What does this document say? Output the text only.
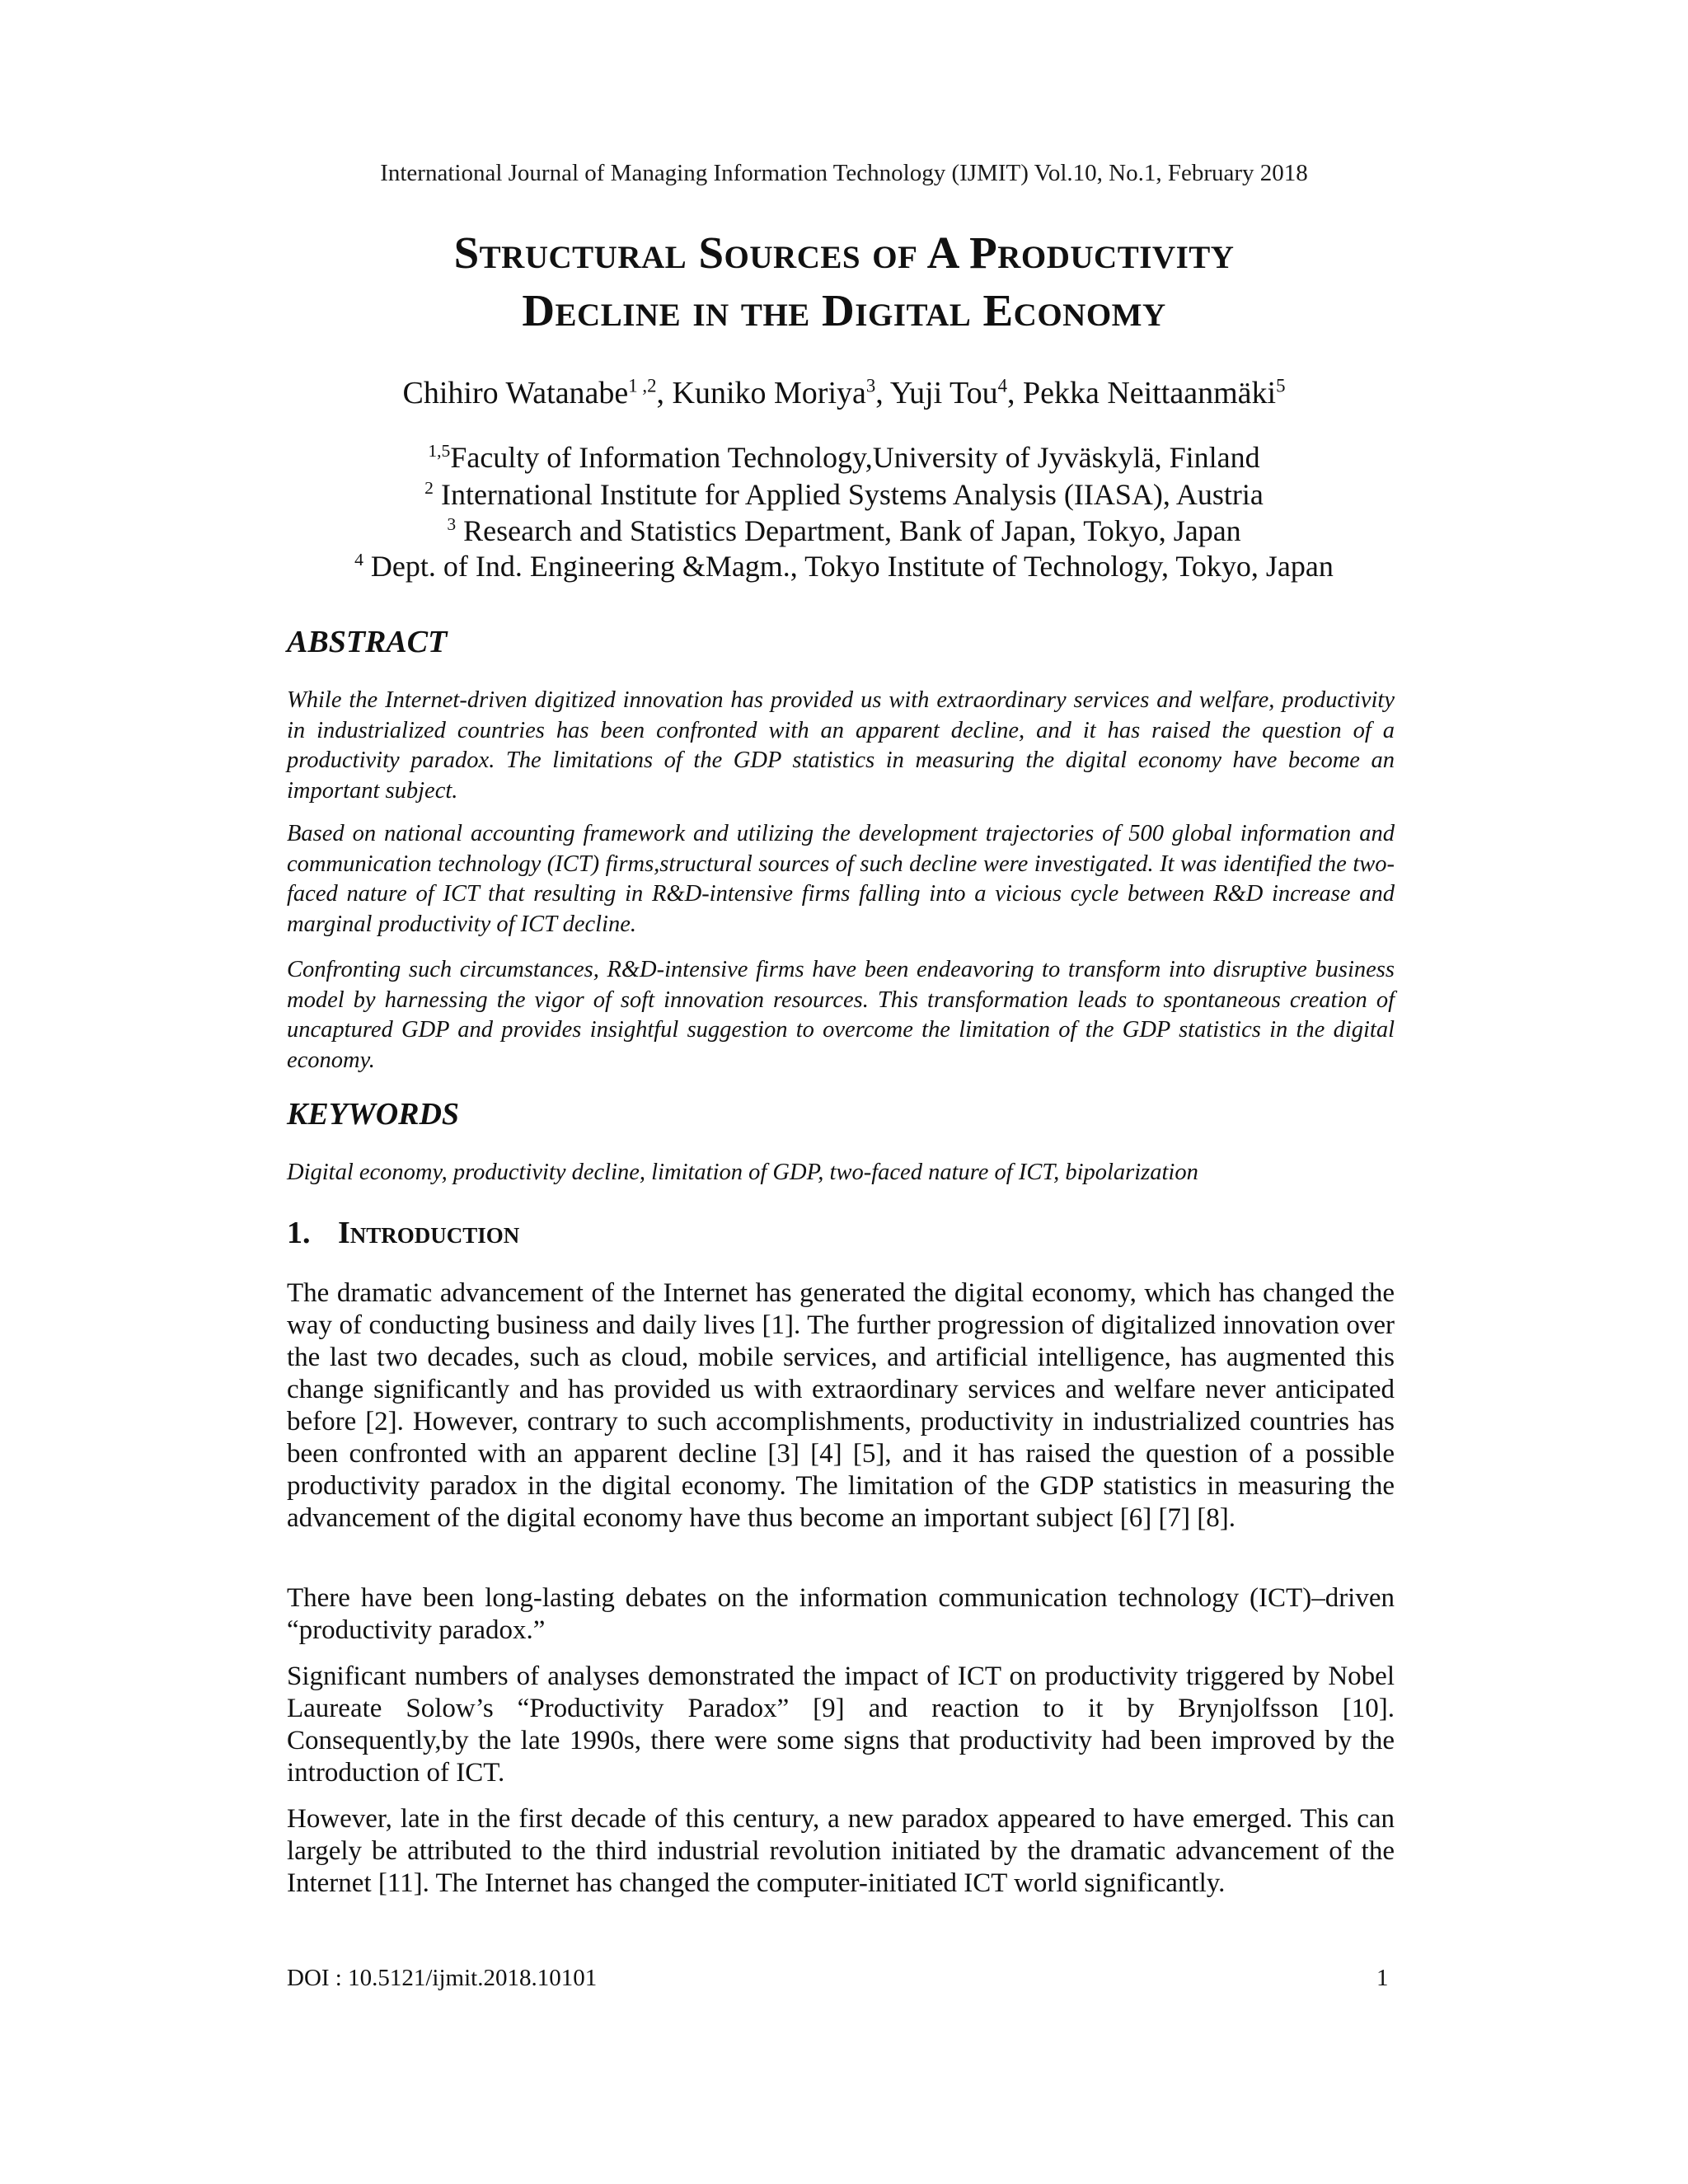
International Journal of Managing Information Technology (IJMIT) Vol.10, No.1, February 2018
Structural Sources of A Productivity
Decline in the Digital Economy
Chihiro Watanabe$^{1 ,2}$, Kuniko Moriya$^3$, Yuji Tou$^4$, Pekka Neittaanmäki$^5$
$^{1,5}$Faculty of Information Technology,University of Jyväskylä, Finland
$^2$ International Institute for Applied Systems Analysis (IIASA), Austria
$^3$ Research and Statistics Department, Bank of Japan, Tokyo, Japan
$^4$ Dept. of Ind. Engineering &Magm., Tokyo Institute of Technology, Tokyo, Japan
ABSTRACT

While the Internet-driven digitized innovation has provided us with extraordinary services and welfare, productivity in industrialized countries has been confronted with an apparent decline, and it has raised the question of a productivity paradox. The limitations of the GDP statistics in measuring the digital economy have become an important subject.

Based on national accounting framework and utilizing the development trajectories of 500 global information and communication technology (ICT) firms,structural sources of such decline were investigated. It was identified the two-faced nature of ICT that resulting in R&D-intensive firms falling into a vicious cycle between R&D increase and marginal productivity of ICT decline.

Confronting such circumstances, R&D-intensive firms have been endeavoring to transform into disruptive business model by harnessing the vigor of soft innovation resources. This transformation leads to spontaneous creation of uncaptured GDP and provides insightful suggestion to overcome the limitation of the GDP statistics in the digital economy.

KEYWORDS

Digital economy, productivity decline, limitation of GDP, two-faced nature of ICT, bipolarization

1. Introduction

The dramatic advancement of the Internet has generated the digital economy, which has changed the way of conducting business and daily lives [1]. The further progression of digitalized innovation over the last two decades, such as cloud, mobile services, and artificial intelligence, has augmented this change significantly and has provided us with extraordinary services and welfare never anticipated before [2]. However, contrary to such accomplishments, productivity in industrialized countries has been confronted with an apparent decline [3] [4] [5], and it has raised the question of a possible productivity paradox in the digital economy. The limitation of the GDP statistics in measuring the advancement of the digital economy have thus become an important subject [6] [7] [8].

There have been long-lasting debates on the information communication technology (ICT)–driven “productivity paradox.”

Significant numbers of analyses demonstrated the impact of ICT on productivity triggered by Nobel Laureate Solow’s “Productivity Paradox” [9] and reaction to it by Brynjolfsson [10]. Consequently,by the late 1990s, there were some signs that productivity had been improved by the introduction of ICT.

However, late in the first decade of this century, a new paradox appeared to have emerged. This can largely be attributed to the third industrial revolution initiated by the dramatic advancement of the Internet [11]. The Internet has changed the computer-initiated ICT world significantly.

DOI : 10.5121/ijmit.2018.10101	1
